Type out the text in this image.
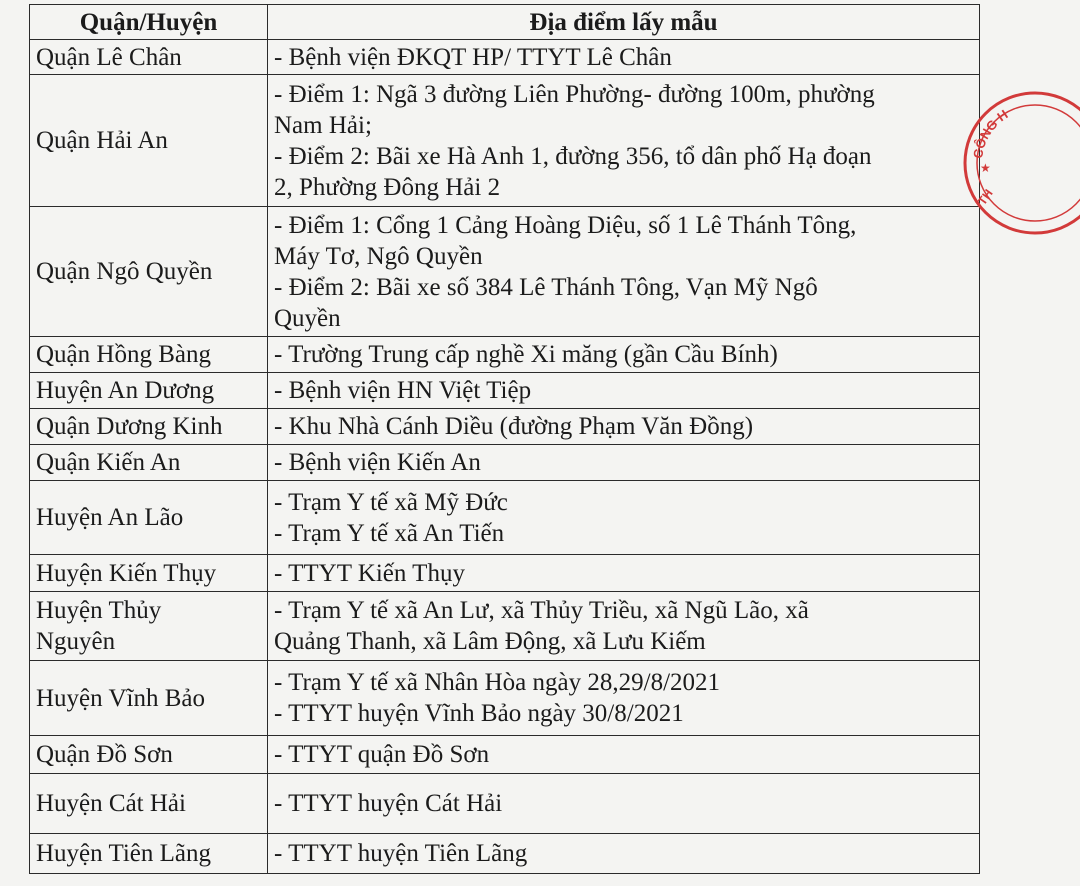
Quận/Huyện	Địa điểm lấy mẫu
Quận Lê Chân	- Bệnh viện ĐKQT HP/ TTYT Lê Chân
Quận Hải An	- Điểm 1: Ngã 3 đường Liên Phường- đường 100m, phường
Nam Hải;
- Điểm 2: Bãi xe Hà Anh 1, đường 356, tổ dân phố Hạ đoạn
2, Phường Đông Hải 2
Quận Ngô Quyền	- Điểm 1: Cổng 1 Cảng Hoàng Diệu, số 1 Lê Thánh Tông,
Máy Tơ, Ngô Quyền
- Điểm 2: Bãi xe số 384 Lê Thánh Tông, Vạn Mỹ Ngô
Quyền
Quận Hồng Bàng	- Trường Trung cấp nghề Xi măng (gần Cầu Bính)
Huyện An Dương	- Bệnh viện HN Việt Tiệp
Quận Dương Kinh	- Khu Nhà Cánh Diều (đường Phạm Văn Đồng)
Quận Kiến An	- Bệnh viện Kiến An
Huyện An Lão	- Trạm Y tế xã Mỹ Đức
- Trạm Y tế xã An Tiến
Huyện Kiến Thụy	- TTYT Kiến Thụy
Huyện Thủy
Nguyên	- Trạm Y tế xã An Lư, xã Thủy Triều, xã Ngũ Lão, xã
Quảng Thanh, xã Lâm Động, xã Lưu Kiếm
Huyện Vĩnh Bảo	- Trạm Y tế xã Nhân Hòa ngày 28,29/8/2021
- TTYT huyện Vĩnh Bảo ngày 30/8/2021
Quận Đồ Sơn	- TTYT quận Đồ Sơn
Huyện Cát Hải	- TTYT huyện Cát Hải
Huyện Tiên Lãng	- TTYT huyện Tiên Lãng
CÔNG H
★
TH
